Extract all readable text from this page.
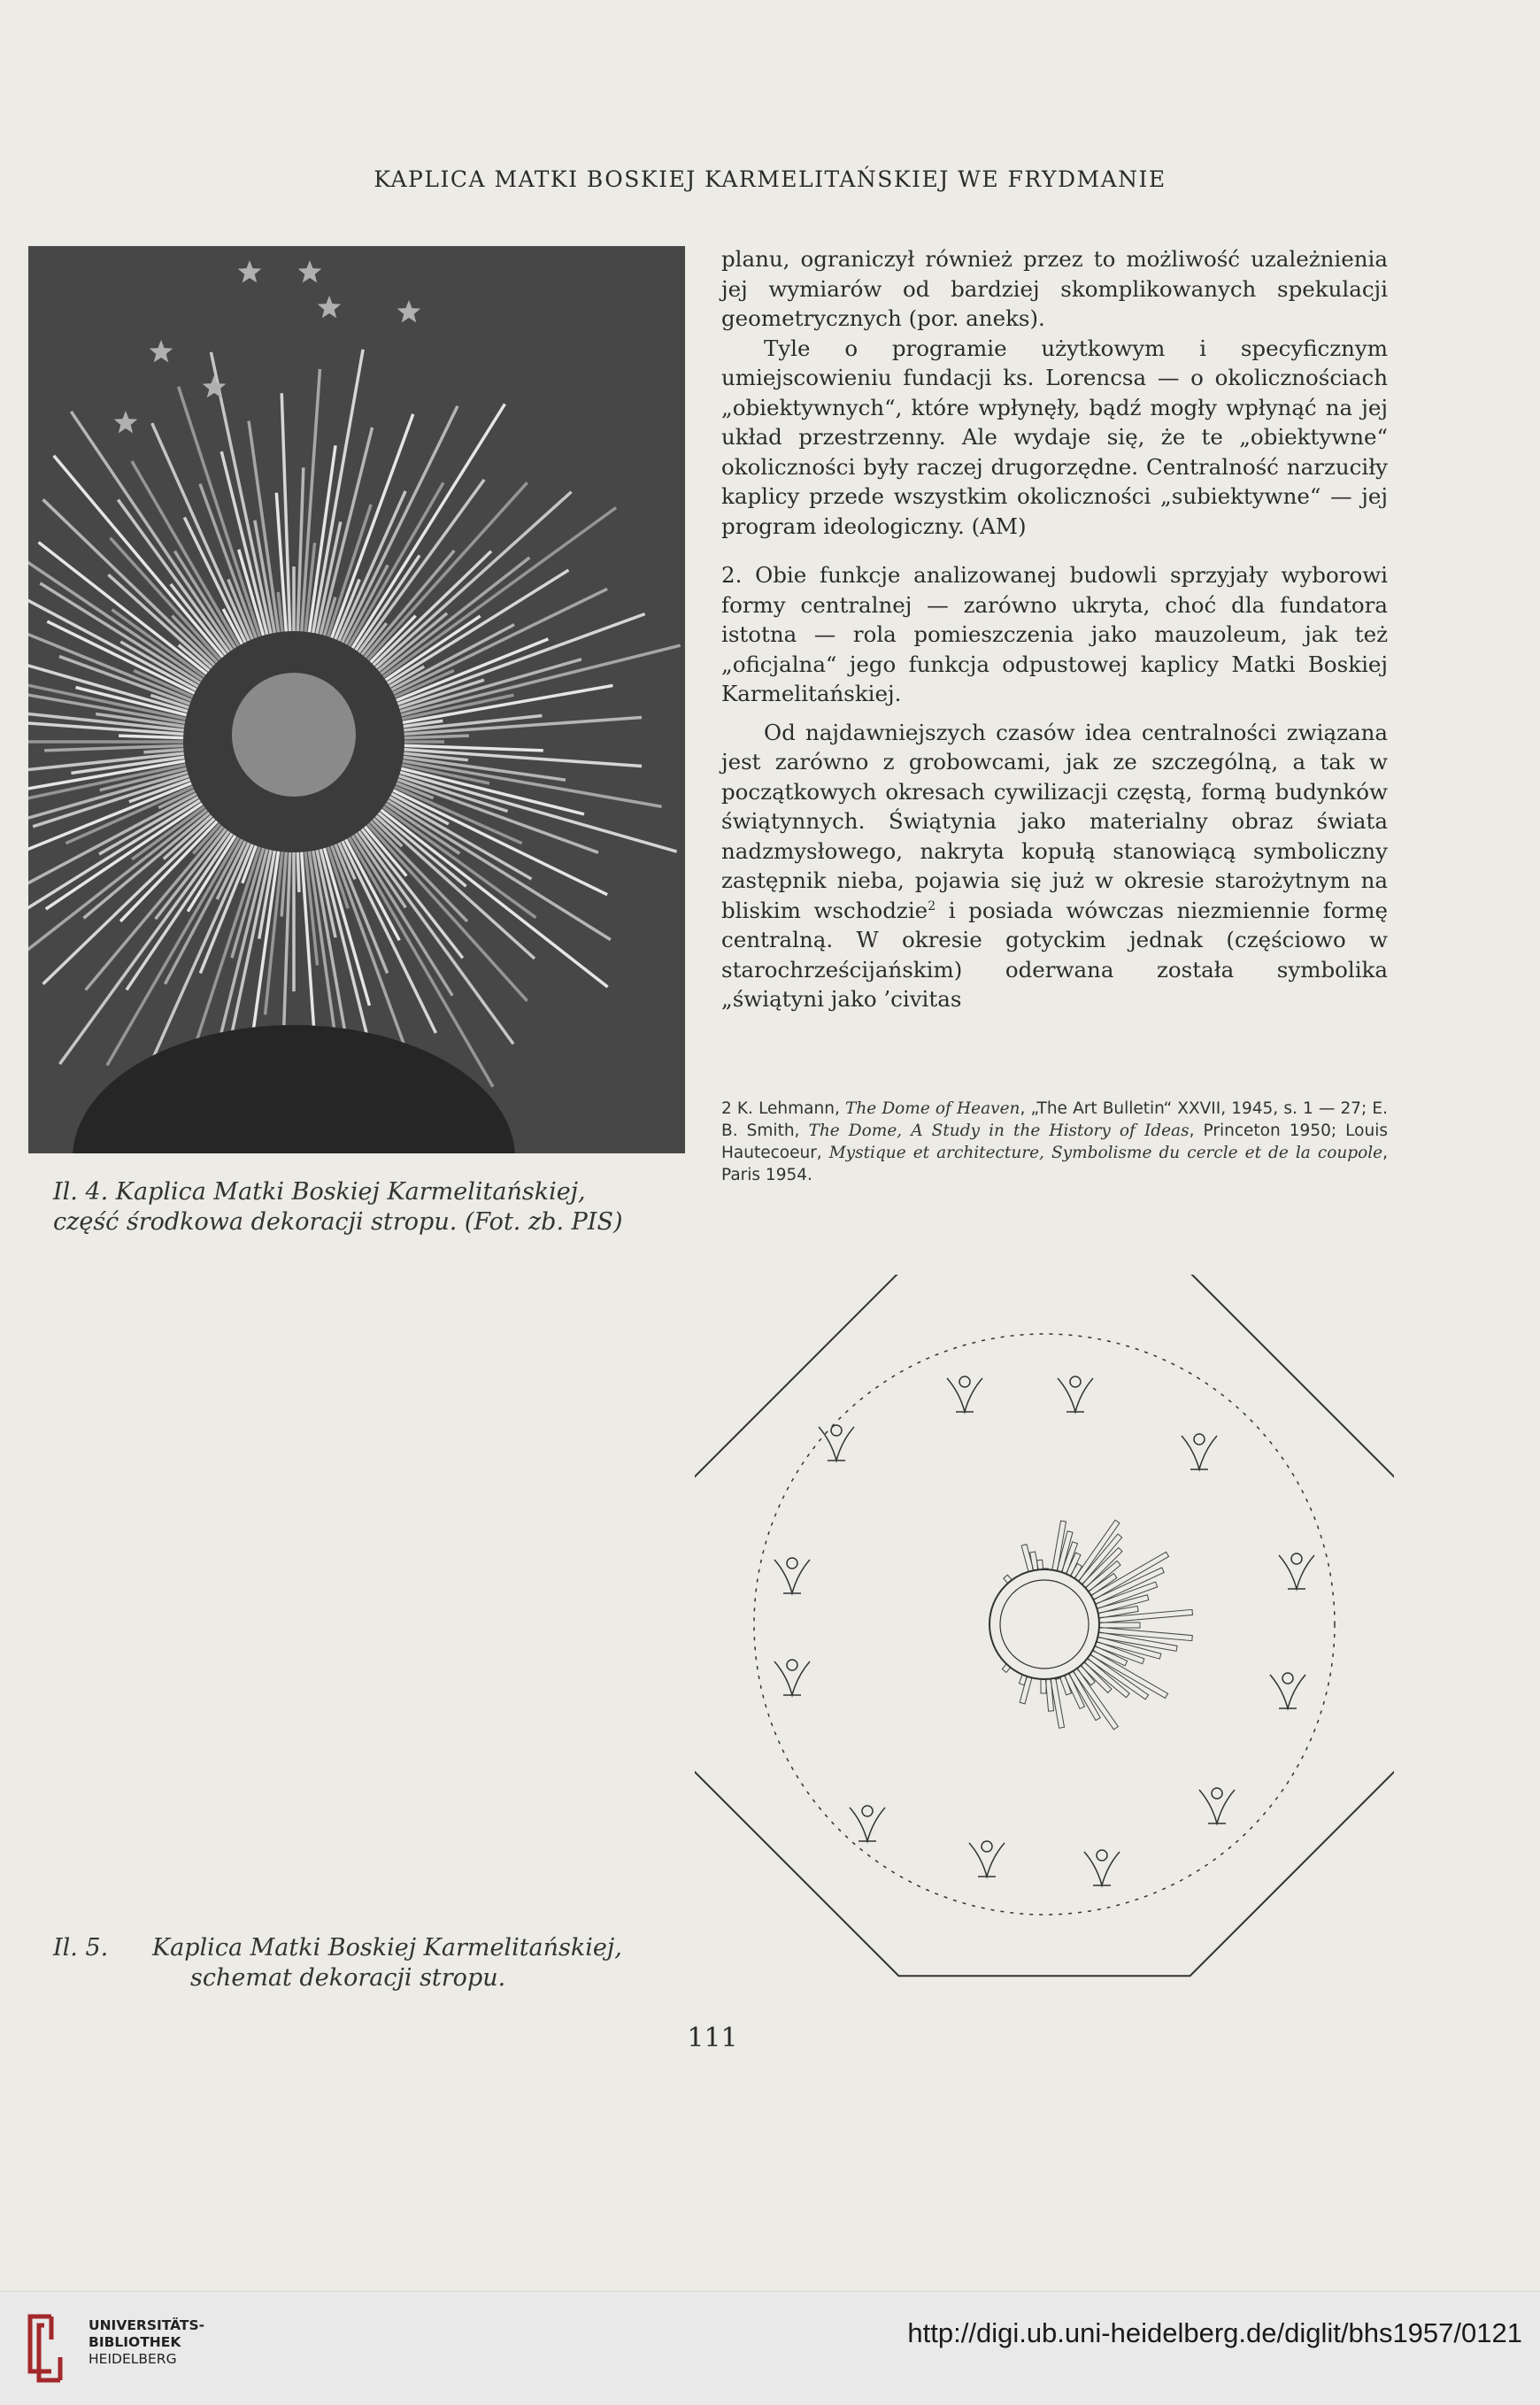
KAPLICA MATKI BOSKIEJ KARMELITAŃSKIEJ WE FRYDMANIE
Il. 4. Kaplica Matki Boskiej Karmelitańskiej,
część środkowa dekoracji stropu. (Fot. zb. PIS)

planu, ograniczył również przez to możliwość uzależnienia jej wymiarów od bardziej skomplikowanych spekulacji geometrycznych (por. aneks).

Tyle o programie użytkowym i specyficznym umiejscowieniu fundacji ks. Lorencsa — o okolicznościach „obiektywnych“, które wpłynęły, bądź mogły wpłynąć na jej układ przestrzenny. Ale wydaje się, że te „obiektywne“ okoliczności były raczej drugorzędne. Centralność narzuciły kaplicy przede wszystkim okoliczności „subiektywne“ — jej program ideologiczny. (AM)

2. Obie funkcje analizowanej budowli sprzyjały wyborowi formy centralnej — zarówno ukryta, choć dla fundatora istotna — rola pomieszczenia jako mauzoleum, jak też „oficjalna“ jego funkcja odpustowej kaplicy Matki Boskiej Karmelitańskiej.

Od najdawniejszych czasów idea centralności związana jest zarówno z grobowcami, jak ze szczególną, a tak w początkowych okresach cywilizacji częstą, formą budynków świątynnych. Świątynia jako materialny obraz świata nadzmysłowego, nakryta kopułą stanowiącą symboliczny zastępnik nieba, pojawia się już w okresie starożytnym na bliskim wschodzie$^2$ i posiada wówczas niezmiennie formę centralną. W okresie gotyckim jednak (częściowo w starochrześcijańskim) oderwana została symbolika „świątyni jako ’civitas

2 K. Lehmann, The Dome of Heaven, „The Art Bulletin“ XXVII, 1945, s. 1 — 27; E. B. Smith, The Dome, A Study in the History of Ideas, Princeton 1950; Louis Hautecoeur, Mystique et architecture, Symbolisme du cercle et de la coupole, Paris 1954.
Il. 5. Kaplica Matki Boskiej Karmelitańskiej,
schemat dekoracji stropu.
111
UNIVERSITÄTS-
BIBLIOTHEK
HEIDELBERG
http://digi.ub.uni-heidelberg.de/diglit/bhs1957/0121
